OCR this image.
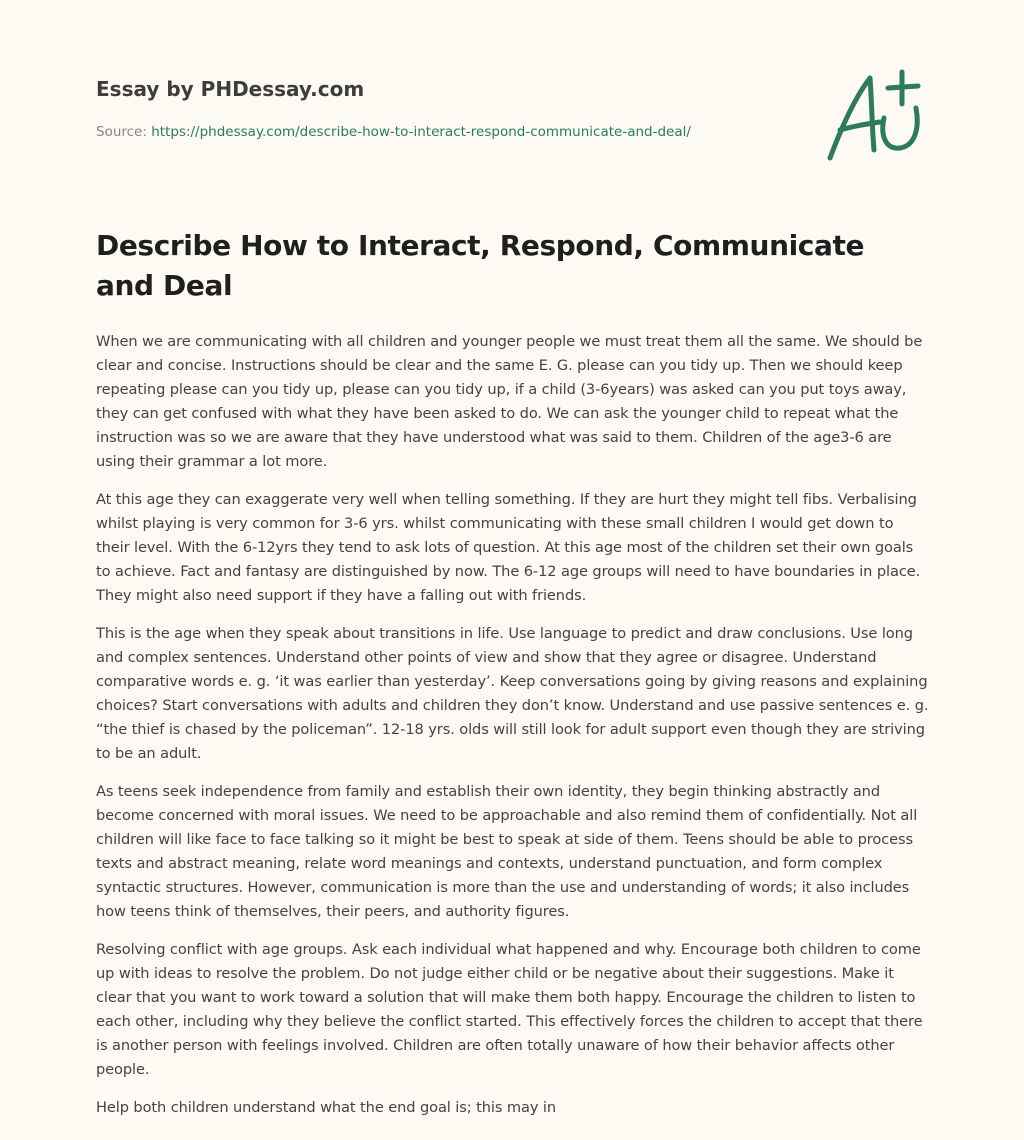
Essay by PHDessay.com
Source: https://phdessay.com/describe-how-to-interact-respond-communicate-and-deal/
Describe How to Interact, Respond, Communicate and Deal

When we are communicating with all children and younger people we must treat them all the same. We should be clear and concise. Instructions should be clear and the same E. G. please can you tidy up. Then we should keep repeating please can you tidy up, please can you tidy up, if a child (3-6years) was asked can you put toys away, they can get confused with what they have been asked to do. We can ask the younger child to repeat what the instruction was so we are aware that they have understood what was said to them. Children of the age3-6 are using their grammar a lot more.

At this age they can exaggerate very well when telling something. If they are hurt they might tell fibs. Verbalising whilst playing is very common for 3-6 yrs. whilst communicating with these small children I would get down to their level. With the 6-12yrs they tend to ask lots of question. At this age most of the children set their own goals to achieve. Fact and fantasy are distinguished by now. The 6-12 age groups will need to have boundaries in place. They might also need support if they have a falling out with friends.

This is the age when they speak about transitions in life. Use language to predict and draw conclusions. Use long and complex sentences. Understand other points of view and show that they agree or disagree. Understand comparative words e. g. ‘it was earlier than yesterday’. Keep conversations going by giving reasons and explaining choices? Start conversations with adults and children they don’t know. Understand and use passive sentences e. g. “the thief is chased by the policeman”. 12-18 yrs. olds will still look for adult support even though they are striving to be an adult.

As teens seek independence from family and establish their own identity, they begin thinking abstractly and become concerned with moral issues. We need to be approachable and also remind them of confidentially. Not all children will like face to face talking so it might be best to speak at side of them. Teens should be able to process texts and abstract meaning, relate word meanings and contexts, understand punctuation, and form complex syntactic structures. However, communication is more than the use and understanding of words; it also includes how teens think of themselves, their peers, and authority figures.

Resolving conflict with age groups. Ask each individual what happened and why. Encourage both children to come up with ideas to resolve the problem. Do not judge either child or be negative about their suggestions. Make it clear that you want to work toward a solution that will make them both happy. Encourage the children to listen to each other, including why they believe the conflict started. This effectively forces the children to accept that there is another person with feelings involved. Children are often totally unaware of how their behavior affects other people.

Help both children understand what the end goal is; this may in
